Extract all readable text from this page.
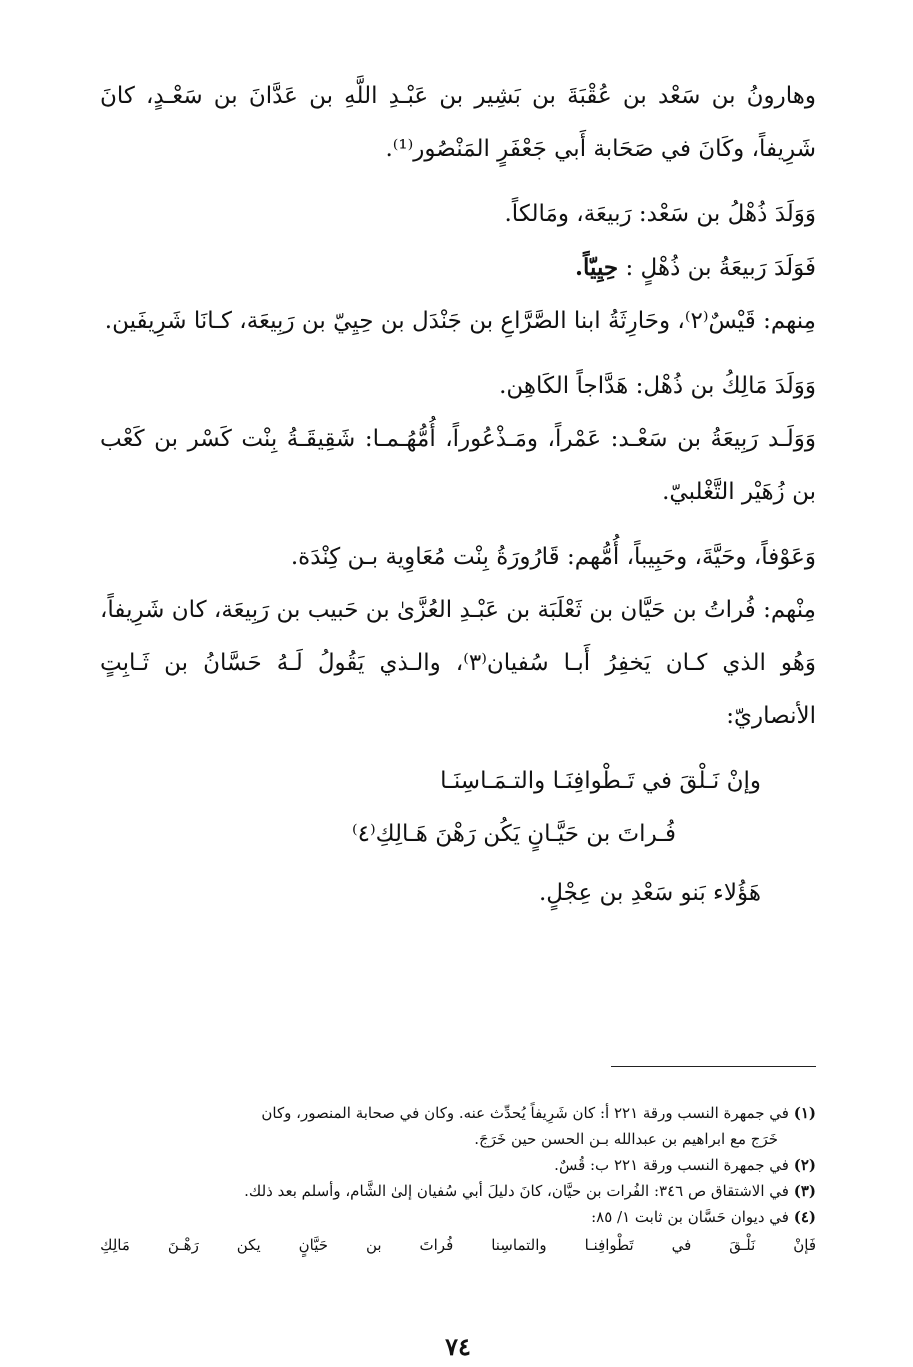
وهارونُ بن سَعْد بن عُقْبَةَ بن بَشِير بن عَبْـدِ اللَّهِ بن عَدَّانَ بن سَعْـدٍ، كانَ شَرِيفاً، وكَانَ في صَحَابة أَبي جَعْفَرٍ المَنْصُور⁽¹⁾.

وَوَلَدَ ذُهْلُ بن سَعْد: رَبيعَة، ومَالكاً.

فَوَلَدَ رَبيعَةُ بن ذُهْلٍ : حِيِيّاً.

مِنهم: قَيْسٌ⁽٢⁾، وحَارِثَةُ ابنا الصَّرَّاعِ بن جَنْدَل بن حِيِيّ بن رَبِيعَة، كـانَا شَرِيفَين.

وَوَلَدَ مَالِكُ بن ذُهْل: هَدَّاجاً الكَاهِن.

وَوَلَـد رَبِيعَةُ بن سَعْـد: عَمْراً، ومَـذْعُوراً، أُمُّهُـمـا: شَقِيقَـةُ بِنْت كَسْر بن كَعْب بن زُهَيْر التَّغْلبيّ.

وَعَوْفاً، وحَيَّةَ، وحَبِيباً، أُمُّهم: قَارُورَةُ بِنْت مُعَاوِية بـن كِنْدَة.

مِنْهم: فُراتُ بن حَيَّان بن ثَعْلَبَة بن عَبْـدِ العُزَّىٰ بن حَبيب بن رَبِيعَة، كان شَرِيفاً، وَهُو الذي كـان يَخفِرُ أَبـا سُفيان⁽٣⁾، والـذي يَقُولُ لَـهُ حَسَّانُ بن ثَـابِتٍ الأنصاريّ:

وإنْ نَـلْقَ في تَـطْوافِنَـا والتـمَـاسِنَـا

فُـراتَ بن حَيَّـانٍ يَكُن رَهْنَ هَـالِكِ⁽٤⁾

هَؤُلاء بَنو سَعْدِ بن عِجْلٍ.

(١) في جمهرة النسب ورقة ٢٢١ أ: كان شَرِيفاً يُحدِّث عنه. وكان في صحابة المنصور، وكان

خَرَج مع ابراهيم بن عبدالله بـن الحسن حين خَرَجَ.

(٢) في جمهرة النسب ورقة ٢٢١ ب: قُسٌ.

(٣) في الاشتقاق ص ٣٤٦: الفُرات بن حيَّان، كانَ دليلَ أبي سُفيان إلىٰ الشَّام، وأسلم بعد ذلك.

(٤) في ديوان حَسَّان بن ثابت ١/ ٨٥:

فَإنْ
نَلْـقَ
في
تَطْوافِنـا
والتماسِنا
فُراتَ
بن
حَيَّانٍ
يكن
رَهْـنَ
مَالِكِ

٧٤
